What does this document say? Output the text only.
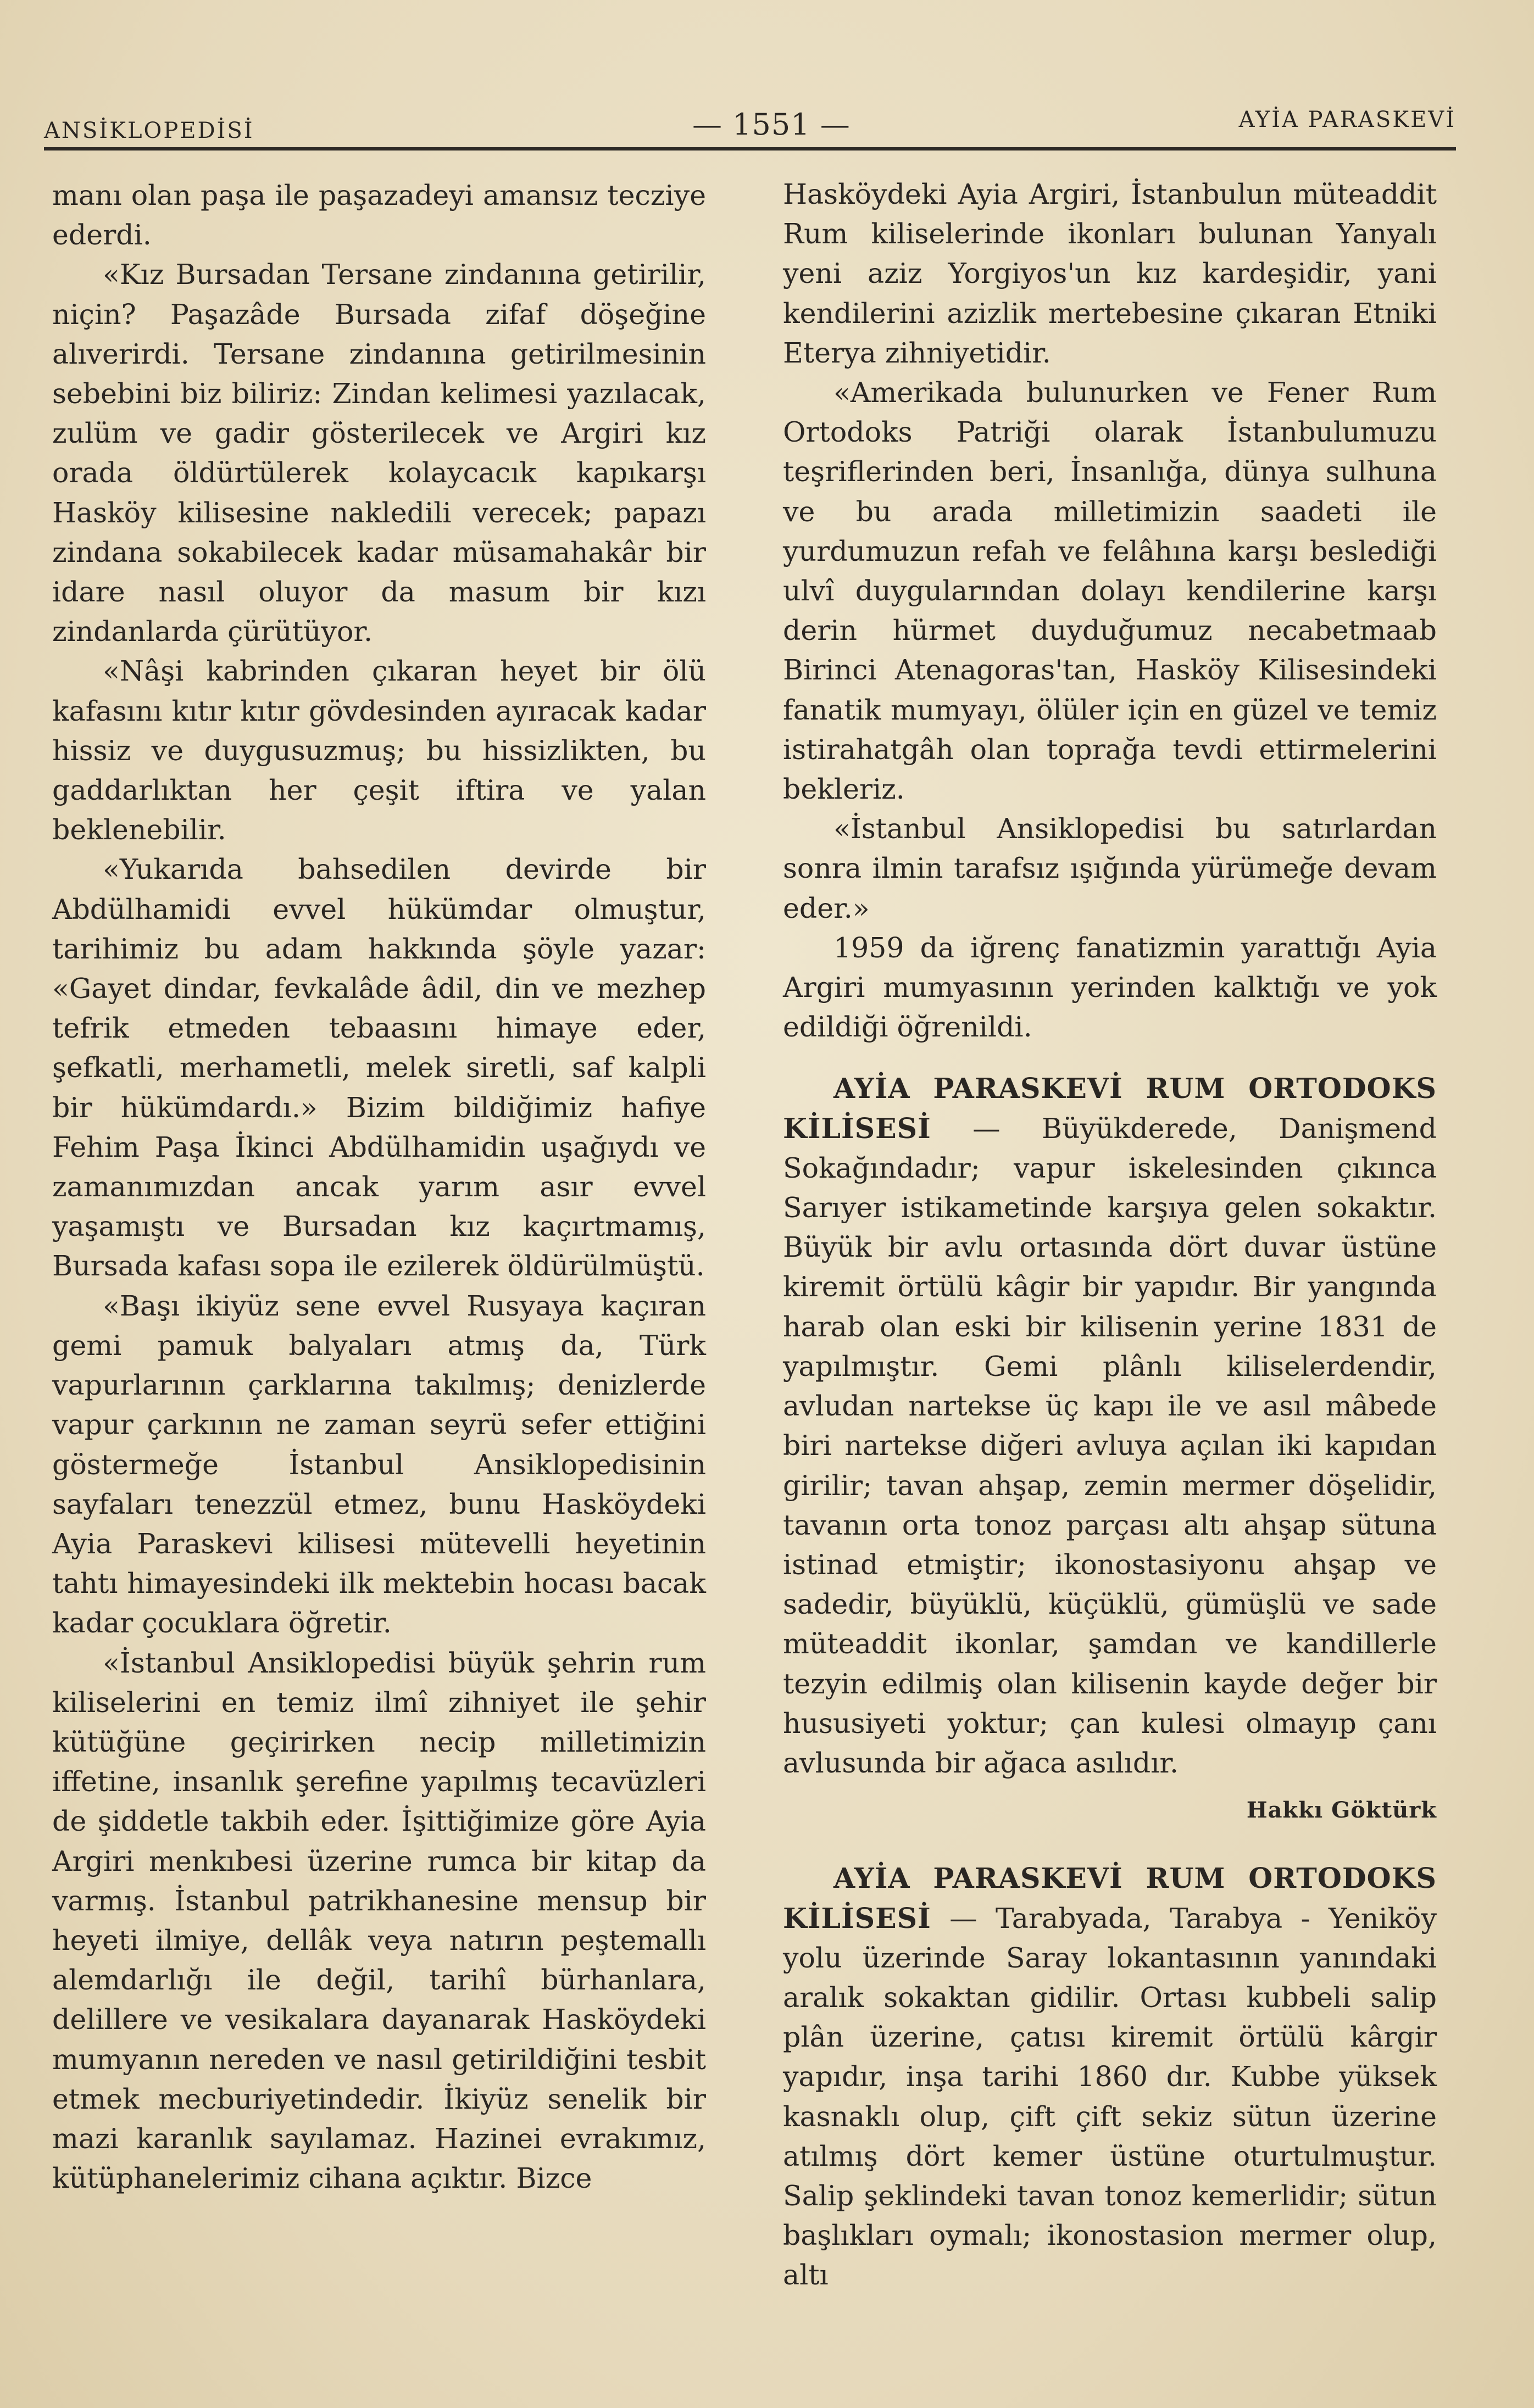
ANSİKLOPEDİSİ	— 1551 —	AYİA PARASKEVİ

manı olan paşa ile paşazadeyi amansız tecziye ederdi.

«Kız Bursadan Tersane zindanına getirilir, niçin? Paşazâde Bursada zifaf döşeğine alıverirdi. Tersane zindanına getirilmesinin sebebini biz biliriz: Zindan kelimesi yazılacak, zulüm ve gadir gösterilecek ve Argiri kız orada öldürtülerek kolaycacık kapıkarşı Hasköy kilisesine nakledili verecek; papazı zindana sokabilecek kadar müsamahakâr bir idare nasıl oluyor da masum bir kızı zindanlarda çürütüyor.

«Nâşi kabrinden çıkaran heyet bir ölü kafasını kıtır kıtır gövdesinden ayıracak kadar hissiz ve duygusuzmuş; bu hissizlikten, bu gaddarlıktan her çeşit iftira ve yalan beklenebilir.

«Yukarıda bahsedilen devirde bir Abdülhamidi evvel hükümdar olmuştur, tarihimiz bu adam hakkında şöyle yazar: «Gayet dindar, fevkalâde âdil, din ve mezhep tefrik etmeden tebaasını himaye eder, şefkatli, merhametli, melek siretli, saf kalpli bir hükümdardı.» Bizim bildiğimiz hafiye Fehim Paşa İkinci Abdülhamidin uşağıydı ve zamanımızdan ancak yarım asır evvel yaşamıştı ve Bursadan kız kaçırtmamış, Bursada kafası sopa ile ezilerek öldürülmüştü.

«Başı ikiyüz sene evvel Rusyaya kaçıran gemi pamuk balyaları atmış da, Türk vapurlarının çarklarına takılmış; denizlerde vapur çarkının ne zaman seyrü sefer ettiğini göstermeğe İstanbul Ansiklopedisinin sayfaları tenezzül etmez, bunu Hasköydeki Ayia Paraskevi kilisesi mütevelli heyetinin tahtı himayesindeki ilk mektebin hocası bacak kadar çocuklara öğretir.

«İstanbul Ansiklopedisi büyük şehrin rum kiliselerini en temiz ilmî zihniyet ile şehir kütüğüne geçirirken necip milletimizin iffetine, insanlık şerefine yapılmış tecavüzleri de şiddetle takbih eder. İşittiğimize göre Ayia Argiri menkıbesi üzerine rumca bir kitap da varmış. İstanbul patrikhanesine mensup bir heyeti ilmiye, dellâk veya natırın peştemallı alemdarlığı ile değil, tarihî bürhanlara, delillere ve vesikalara dayanarak Hasköydeki mumyanın nereden ve nasıl getirildiğini tesbit etmek mecburiyetindedir. İkiyüz senelik bir mazi karanlık sayılamaz. Hazinei evrakımız, kütüphanelerimiz cihana açıktır. Bizce

Hasköydeki Ayia Argiri, İstanbulun müteaddit Rum kiliselerinde ikonları bulunan Yanyalı yeni aziz Yorgiyos'un kız kardeşidir, yani kendilerini azizlik mertebesine çıkaran Etniki Eterya zihniyetidir.

«Amerikada bulunurken ve Fener Rum Ortodoks Patriği olarak İstanbulumuzu teşriflerinden beri, İnsanlığa, dünya sulhuna ve bu arada milletimizin saadeti ile yurdumuzun refah ve felâhına karşı beslediği ulvî duygularından dolayı kendilerine karşı derin hürmet duyduğumuz necabetmaab Birinci Atenagoras'tan, Hasköy Kilisesindeki fanatik mumyayı, ölüler için en güzel ve temiz istirahatgâh olan toprağa tevdi ettirmelerini bekleriz.

«İstanbul Ansiklopedisi bu satırlardan sonra ilmin tarafsız ışığında yürümeğe devam eder.»

1959 da iğrenç fanatizmin yarattığı Ayia Argiri mumyasının yerinden kalktığı ve yok edildiği öğrenildi.

AYİA PARASKEVİ RUM ORTODOKS KİLİSESİ — Büyükderede, Danişmend Sokağındadır; vapur iskelesinden çıkınca Sarıyer istikametinde karşıya gelen sokaktır. Büyük bir avlu ortasında dört duvar üstüne kiremit örtülü kâgir bir yapıdır. Bir yangında harab olan eski bir kilisenin yerine 1831 de yapılmıştır. Gemi plânlı kiliselerdendir, avludan nartekse üç kapı ile ve asıl mâbede biri nartekse diğeri avluya açılan iki kapıdan girilir; tavan ahşap, zemin mermer döşelidir, tavanın orta tonoz parçası altı ahşap sütuna istinad etmiştir; ikonostasiyonu ahşap ve sadedir, büyüklü, küçüklü, gümüşlü ve sade müteaddit ikonlar, şamdan ve kandillerle tezyin edilmiş olan kilisenin kayde değer bir hususiyeti yoktur; çan kulesi olmayıp çanı avlusunda bir ağaca asılıdır.

Hakkı Göktürk

AYİA PARASKEVİ RUM ORTODOKS KİLİSESİ — Tarabyada, Tarabya - Yeniköy yolu üzerinde Saray lokantasının yanındaki aralık sokaktan gidilir. Ortası kubbeli salip plân üzerine, çatısı kiremit örtülü kârgir yapıdır, inşa tarihi 1860 dır. Kubbe yüksek kasnaklı olup, çift çift sekiz sütun üzerine atılmış dört kemer üstüne oturtulmuştur. Salip şeklindeki tavan tonoz kemerlidir; sütun başlıkları oymalı; ikonostasion mermer olup, altı
